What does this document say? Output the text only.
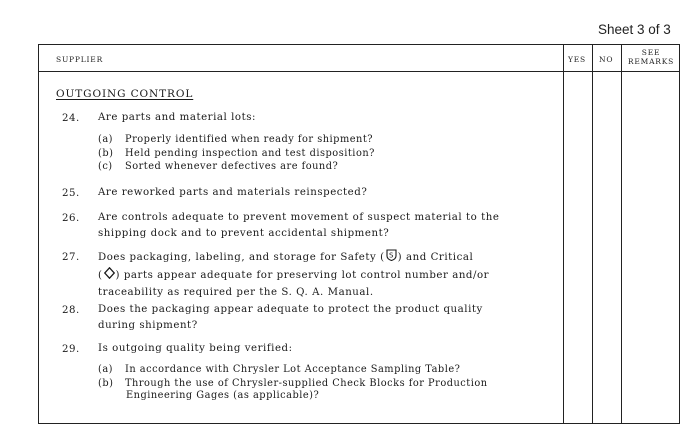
Sheet 3 of 3
SUPPLIER	YES NO
SEE
REMARKS
OUTGOING CONTROL
24. Are parts and material lots:
(a) Properly identified when ready for shipment?
(b) Held pending inspection and test disposition?
(c) Sorted whenever defectives are found?
25. Are reworked parts and materials reinspected?
26. Are controls adequate to prevent movement of suspect material to the
shipping dock and to prevent accidental shipment?
27. Does packaging, labeling, and storage for Safety ( S ) and Critical
( ) parts appear adequate for preserving lot control number and/or
traceability as required per the S. Q. A. Manual.
28. Does the packaging appear adequate to protect the product quality
during shipment?
29. Is outgoing quality being verified:
(a) In accordance with Chrysler Lot Acceptance Sampling Table?
(b) Through the use of Chrysler-supplied Check Blocks for Production
Engineering Gages (as applicable)?
